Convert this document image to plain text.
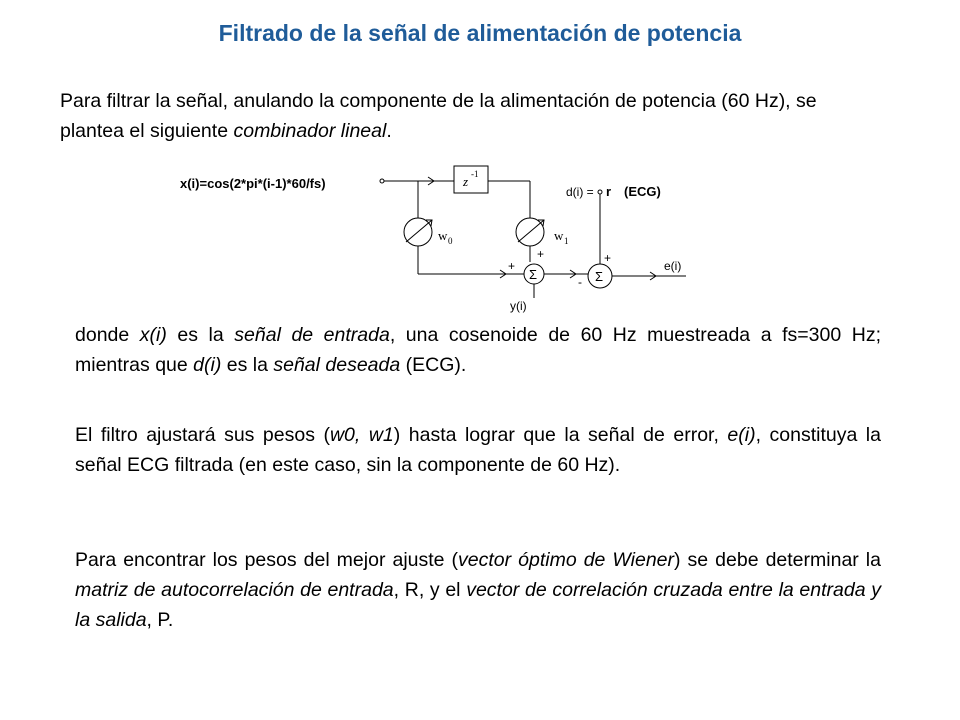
Filtrado de la señal de alimentación de potencia
Para filtrar la señal, anulando la componente de la alimentación de potencia (60 Hz), se plantea el siguiente combinador lineal.
x(i)=cos(2*pi*(i-1)*60/fs)	z -1
w 0	w 1
Σ
+
+
y(i)
-
d(i) = r (ECG)
+
Σ
e(i)
donde x(i) es la señal de entrada, una cosenoide de 60 Hz muestreada a fs=300 Hz; mientras que d(i) es la señal deseada (ECG).
El filtro ajustará sus pesos (w0, w1) hasta lograr que la señal de error, e(i), constituya la señal ECG filtrada (en este caso, sin la componente de 60 Hz).
Para encontrar los pesos del mejor ajuste (vector óptimo de Wiener) se debe determinar la matriz de autocorrelación de entrada, R, y el vector de correlación cruzada entre la entrada y la salida, P.
